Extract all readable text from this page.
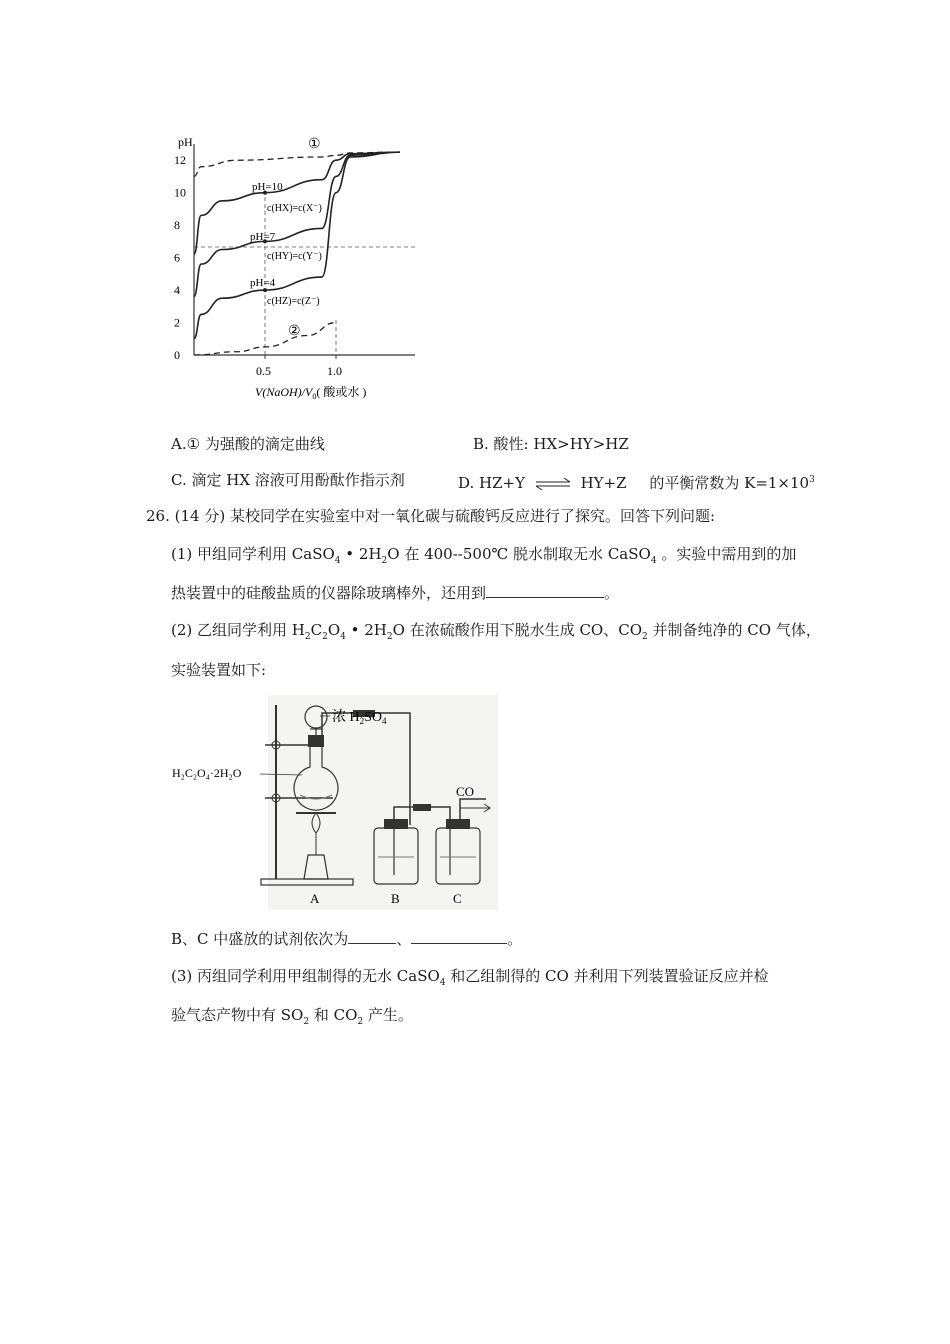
pH
0
2
4
6
8
10
12
0.5	1.0
①
②
pH=10
pH=7
pH=4
c(HX)=c(X⁻)
c(HY)=c(Y⁻)
c(HZ)=c(Z⁻)
$V(NaOH)/V_0$( 酸或水 )
A.① 为强酸的滴定曲线	B. 酸性: HX>HY>HZ
C. 滴定 HX 溶液可用酚酞作指示剂	D. HZ+Y ⇌ HY+Z 的平衡常数为 $K=1\times 10^3$
26. (14 分) 某校同学在实验室中对一氧化碳与硫酸钙反应进行了探究。回答下列问题:
(1) 甲组同学利用 CaSO$_4$ • $2H_2O$ 在 400--500℃ 脱水制取无水 CaSO$_4$ 。实验中需用到的加
热装置中的硅酸盐质的仪器除玻璃棒外，还用到	。
(2) 乙组同学利用 $H_2C_2O_4$ • $2H_2O$ 在浓硫酸作用下脱水生成 CO、$CO_2$ 并制备纯净的 CO 气体，
实验装置如下:
浓 $H_2SO_4$
H₂C₂O₄·2H₂O
CO
A	B	C
B、C 中盛放的试剂依次为	、	。
(3) 丙组同学利用甲组制得的无水 CaSO$_4$ 和乙组制得的 CO 并利用下列装置验证反应并检
验气态产物中有 $SO_2$ 和 $CO_2$ 产生。
